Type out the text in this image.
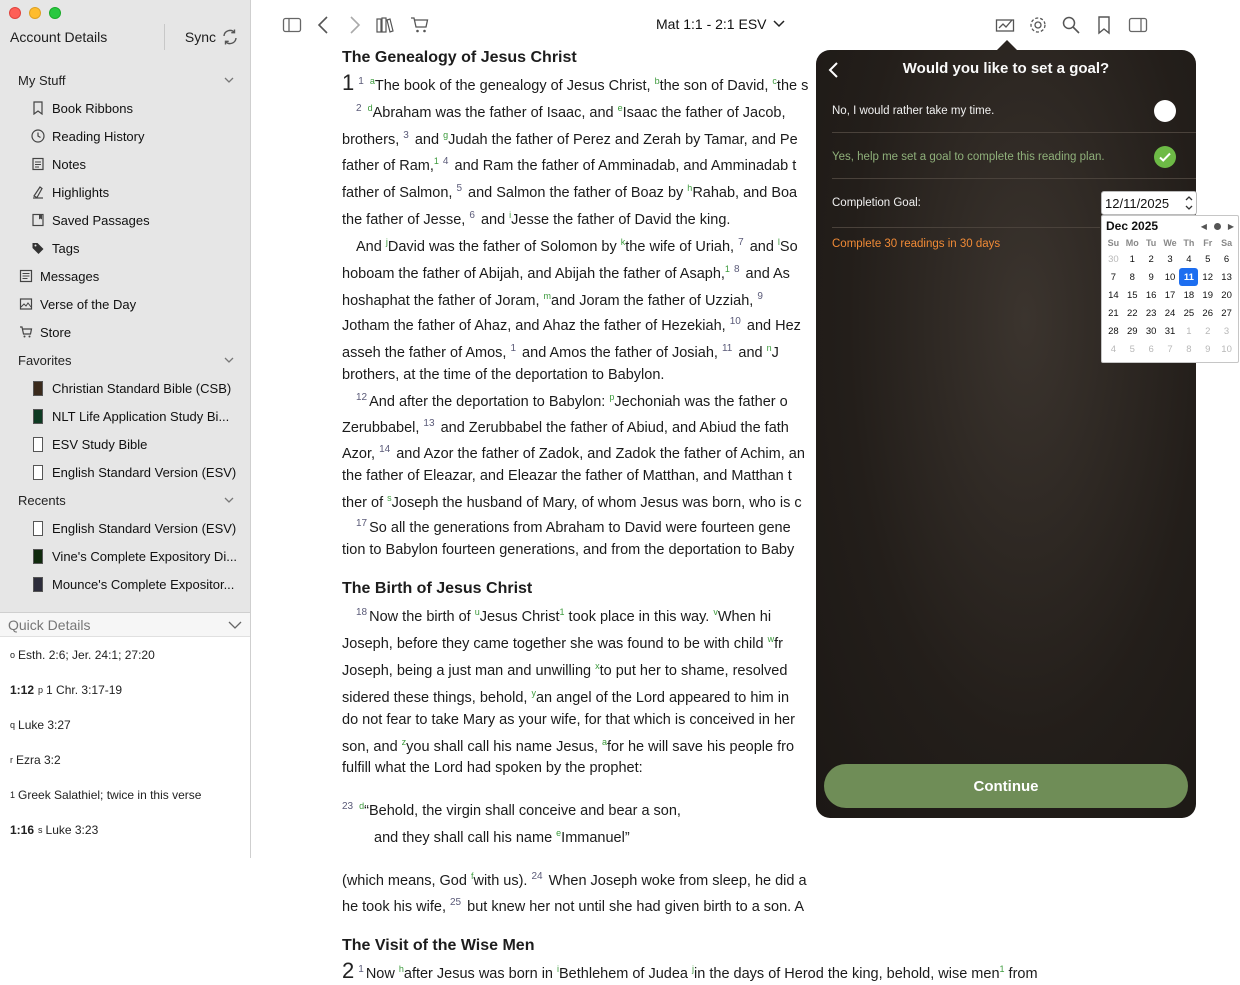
Account Details	Sync
My Stuff
Book Ribbons
Reading History
Notes
Highlights
Saved Passages
Tags
Messages
Verse of the Day
Store
Favorites
Christian Standard Bible (CSB)
NLT Life Application Study Bi...
ESV Study Bible
English Standard Version (ESV)
Recents
English Standard Version (ESV)
Vine's Complete Expository Di...
Mounce's Complete Expositor...
Quick Details
o Esth. 2:6; Jer. 24:1; 27:20
1:12 p 1 Chr. 3:17-19
q Luke 3:27
r Ezra 3:2
1 Greek Salathiel; twice in this verse
1:16 s Luke 3:23
Mat 1:1 - 2:1 ESV
The Genealogy of Jesus Christ
1 $^1$ $^a$The book of the genealogy of Jesus Christ, $^b$the son of David, $^c$the s
$^2$ $^d$Abraham was the father of Isaac, and $^e$Isaac the father of Jacob,
brothers, $^3$ and $^g$Judah the father of Perez and Zerah by Tamar, and Pe
father of Ram,$^1$ $^4$ and Ram the father of Amminadab, and Amminadab t
father of Salmon, $^5$ and Salmon the father of Boaz by $^h$Rahab, and Boa
the father of Jesse, $^6$ and $^i$Jesse the father of David the king.
And $^j$David was the father of Solomon by $^k$the wife of Uriah, $^7$ and $^l$So
hoboam the father of Abijah, and Abijah the father of Asaph,$^1$ $^8$ and As
hoshaphat the father of Joram, $^m$and Joram the father of Uzziah, $^9$
Jotham the father of Ahaz, and Ahaz the father of Hezekiah, $^{10}$ and Hez
asseh the father of Amos, $^1$ and Amos the father of Josiah, $^{11}$ and $^n$J
brothers, at the time of the deportation to Babylon.
$^{12}$ And after the deportation to Babylon: $^p$Jechoniah was the father o
Zerubbabel, $^{13}$ and Zerubbabel the father of Abiud, and Abiud the fath
Azor, $^{14}$ and Azor the father of Zadok, and Zadok the father of Achim, an
the father of Eleazar, and Eleazar the father of Matthan, and Matthan t
ther of $^s$Joseph the husband of Mary, of whom Jesus was born, who is c
$^{17}$ So all the generations from Abraham to David were fourteen gene
tion to Babylon fourteen generations, and from the deportation to Baby
The Birth of Jesus Christ
$^{18}$ Now the birth of $^u$Jesus Christ$^1$ took place in this way. $^v$When hi
Joseph, before they came together she was found to be with child $^w$fr
Joseph, being a just man and unwilling $^x$to put her to shame, resolved
sidered these things, behold, $^y$an angel of the Lord appeared to him in
do not fear to take Mary as your wife, for that which is conceived in her
son, and $^z$you shall call his name Jesus, $^a$for he will save his people fro
fulfill what the Lord had spoken by the prophet:
$^{23}$ $^d$“Behold, the virgin shall conceive and bear a son,
and they shall call his name $^e$Immanuel”
(which means, God $^f$with us). $^{24}$ When Joseph woke from sleep, he did a
he took his wife, $^{25}$ but knew her not until she had given birth to a son. A
The Visit of the Wise Men
2 $^1$ Now $^h$after Jesus was born in $^i$Bethlehem of Judea $^j$in the days of Herod the king, behold, wise men$^1$ from
Would you like to set a goal?
No, I would rather take my time.
Yes, help me set a goal to complete this reading plan.
Completion Goal:
Complete 30 readings in 30 days
Continue
12/11/2025
Dec 2025	◀	▶
Su Mo Tu We Th Fr Sa
30	1	2	3	4	5	6
7	8	9	10 11 12 13
14 15 16 17 18 19 20
21 22 23 24 25 26 27
28 29 30 31	1	2	3
4	5	6	7	8	9	10
